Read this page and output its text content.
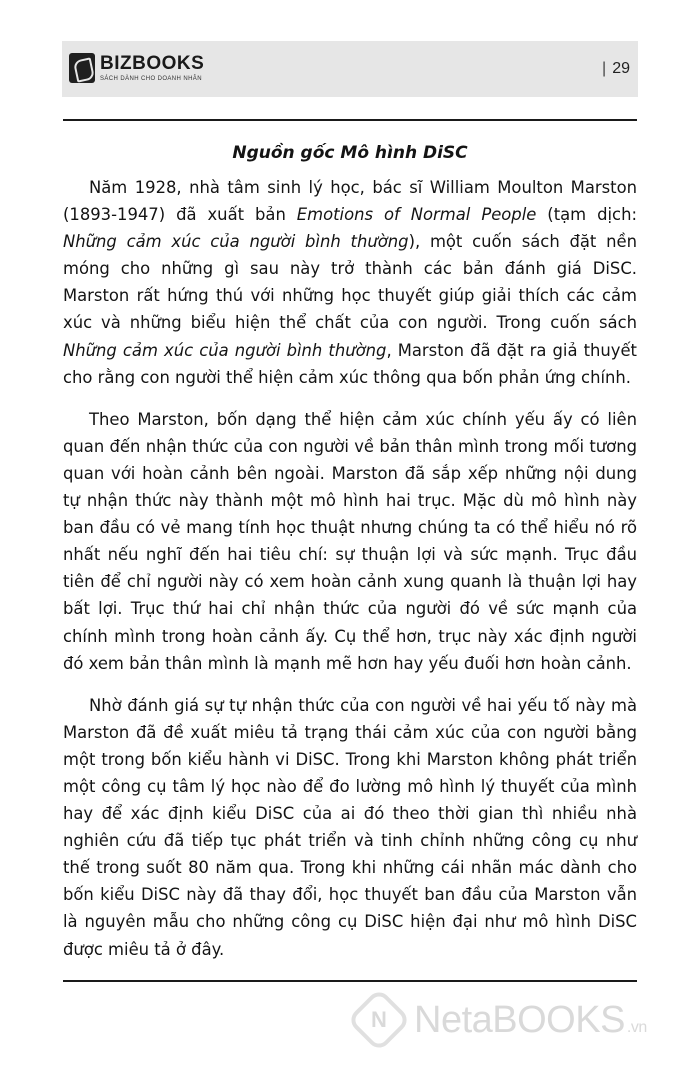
BIZBOOKS
SÁCH DÀNH CHO DOANH NHÂN
| 29
Nguồn gốc Mô hình DiSC

Năm 1928, nhà tâm sinh lý học, bác sĩ William Moulton Marston (1893-1947) đã xuất bản Emotions of Normal People (tạm dịch: Những cảm xúc của người bình thường), một cuốn sách đặt nền móng cho những gì sau này trở thành các bản đánh giá DiSC. Marston rất hứng thú với những học thuyết giúp giải thích các cảm xúc và những biểu hiện thể chất của con người. Trong cuốn sách Những cảm xúc của người bình thường, Marston đã đặt ra giả thuyết cho rằng con người thể hiện cảm xúc thông qua bốn phản ứng chính.

Theo Marston, bốn dạng thể hiện cảm xúc chính yếu ấy có liên quan đến nhận thức của con người về bản thân mình trong mối tương quan với hoàn cảnh bên ngoài. Marston đã sắp xếp những nội dung tự nhận thức này thành một mô hình hai trục. Mặc dù mô hình này ban đầu có vẻ mang tính học thuật nhưng chúng ta có thể hiểu nó rõ nhất nếu nghĩ đến hai tiêu chí: sự thuận lợi và sức mạnh. Trục đầu tiên để chỉ người này có xem hoàn cảnh xung quanh là thuận lợi hay bất lợi. Trục thứ hai chỉ nhận thức của người đó về sức mạnh của chính mình trong hoàn cảnh ấy. Cụ thể hơn, trục này xác định người đó xem bản thân mình là mạnh mẽ hơn hay yếu đuối hơn hoàn cảnh.

Nhờ đánh giá sự tự nhận thức của con người về hai yếu tố này mà Marston đã đề xuất miêu tả trạng thái cảm xúc của con người bằng một trong bốn kiểu hành vi DiSC. Trong khi Marston không phát triển một công cụ tâm lý học nào để đo lường mô hình lý thuyết của mình hay để xác định kiểu DiSC của ai đó theo thời gian thì nhiều nhà nghiên cứu đã tiếp tục phát triển và tinh chỉnh những công cụ như thế trong suốt 80 năm qua. Trong khi những cái nhãn mác dành cho bốn kiểu DiSC này đã thay đổi, học thuyết ban đầu của Marston vẫn là nguyên mẫu cho những công cụ DiSC hiện đại như mô hình DiSC được miêu tả ở đây.

N NetaBOOKS .vn
